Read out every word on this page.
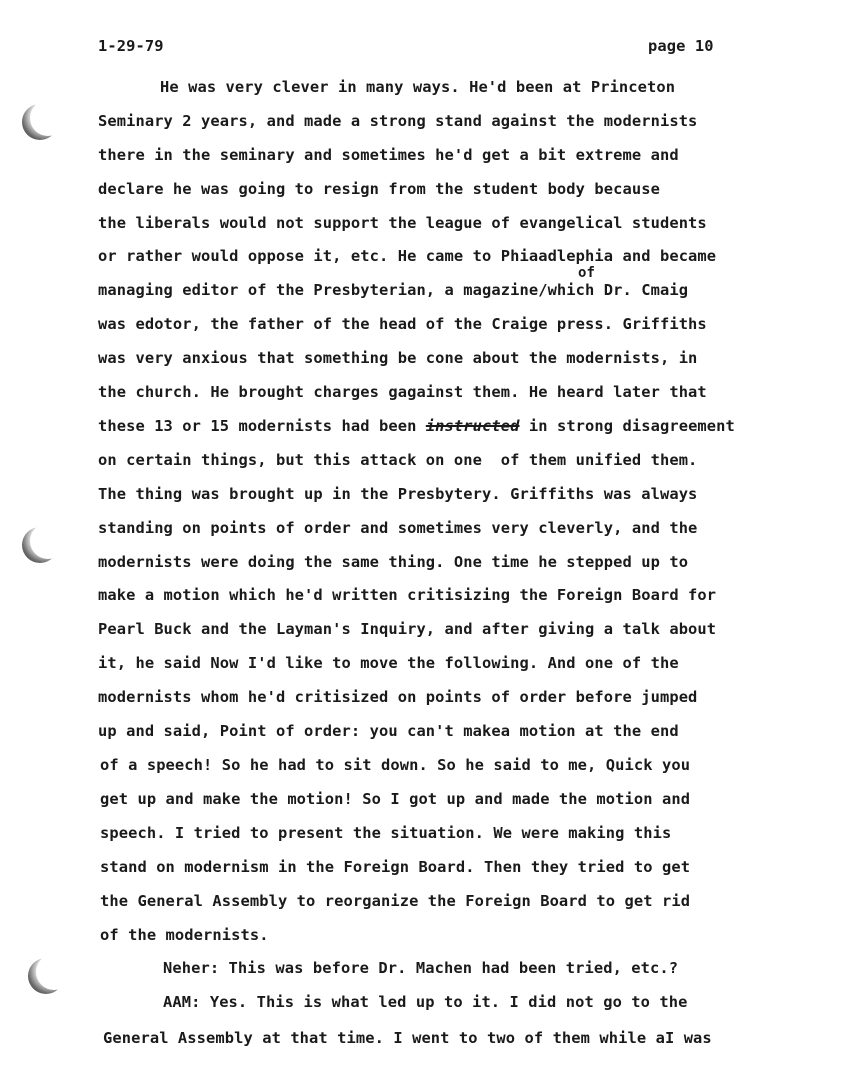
1-29-79	page 10
He was very clever in many ways. He'd been at Princeton
Seminary 2 years, and made a strong stand against the modernists
there in the seminary and sometimes he'd get a bit extreme and
declare he was going to resign from the student body because
the liberals would not support the league of evangelical students
or rather would oppose it, etc. He came to Phiaadlephia and became
of
managing editor of the Presbyterian, a magazine/which Dr. Cmaig
was edotor, the father of the head of the Craige press. Griffiths
was very anxious that something be cone about the modernists, in
the church. He brought charges gagainst them. He heard later that
these 13 or 15 modernists had been instructed in strong disagreement
on certain things, but this attack on one  of them unified them.
The thing was brought up in the Presbytery. Griffiths was always
standing on points of order and sometimes very cleverly, and the
modernists were doing the same thing. One time he stepped up to
make a motion which he'd written critisizing the Foreign Board for
Pearl Buck and the Layman's Inquiry, and after giving a talk about
it, he said Now I'd like to move the following. And one of the
modernists whom he'd critisized on points of order before jumped
up and said, Point of order: you can't makea motion at the end
of a speech! So he had to sit down. So he said to me, Quick you
get up and make the motion! So I got up and made the motion and
speech. I tried to present the situation. We were making this
stand on modernism in the Foreign Board. Then they tried to get
the General Assembly to reorganize the Foreign Board to get rid
of the modernists.
Neher: This was before Dr. Machen had been tried, etc.?
AAM: Yes. This is what led up to it. I did not go to the
General Assembly at that time. I went to two of them while aI was
